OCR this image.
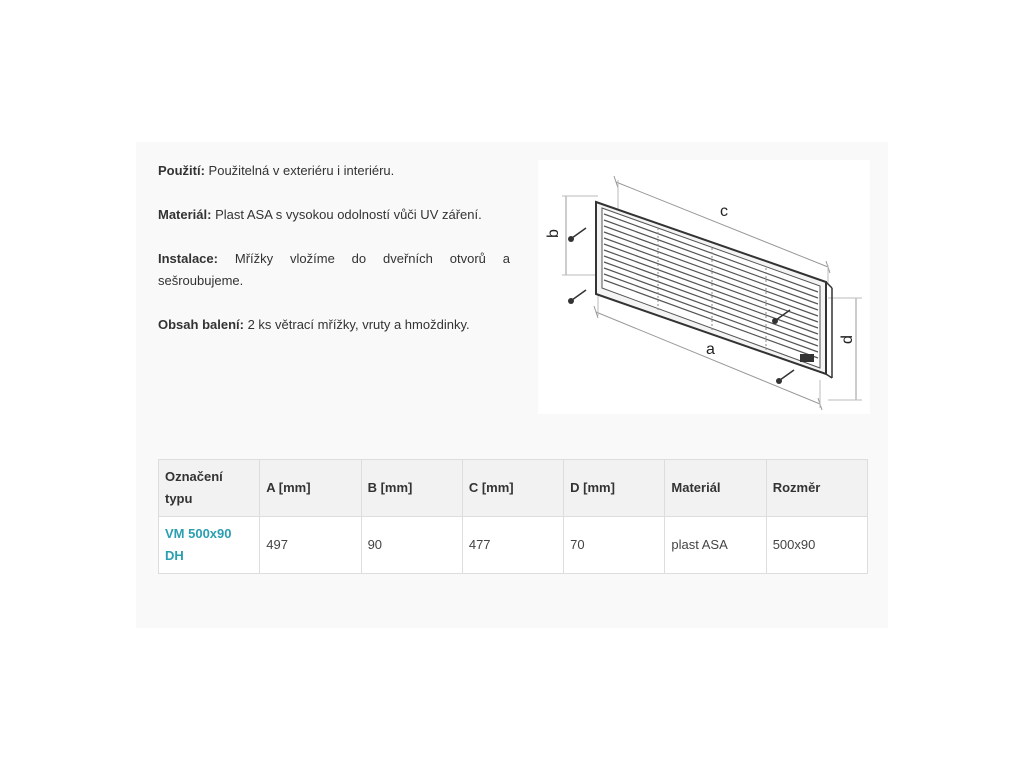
Použití: Použitelná v exteriéru i interiéru.

Materiál: Plast ASA s vysokou odolností vůči UV záření.

Instalace: Mřížky vložíme do dveřních otvorů a sešroubujeme.

Obsah balení: 2 ks větrací mřížky, vruty a hmoždinky.

c
b
d
a
Označení typu	A [mm]	B [mm]	C [mm]	D [mm]	Materiál	Rozměr
VM 500x90 DH	497	90	477	70	plast ASA	500x90
